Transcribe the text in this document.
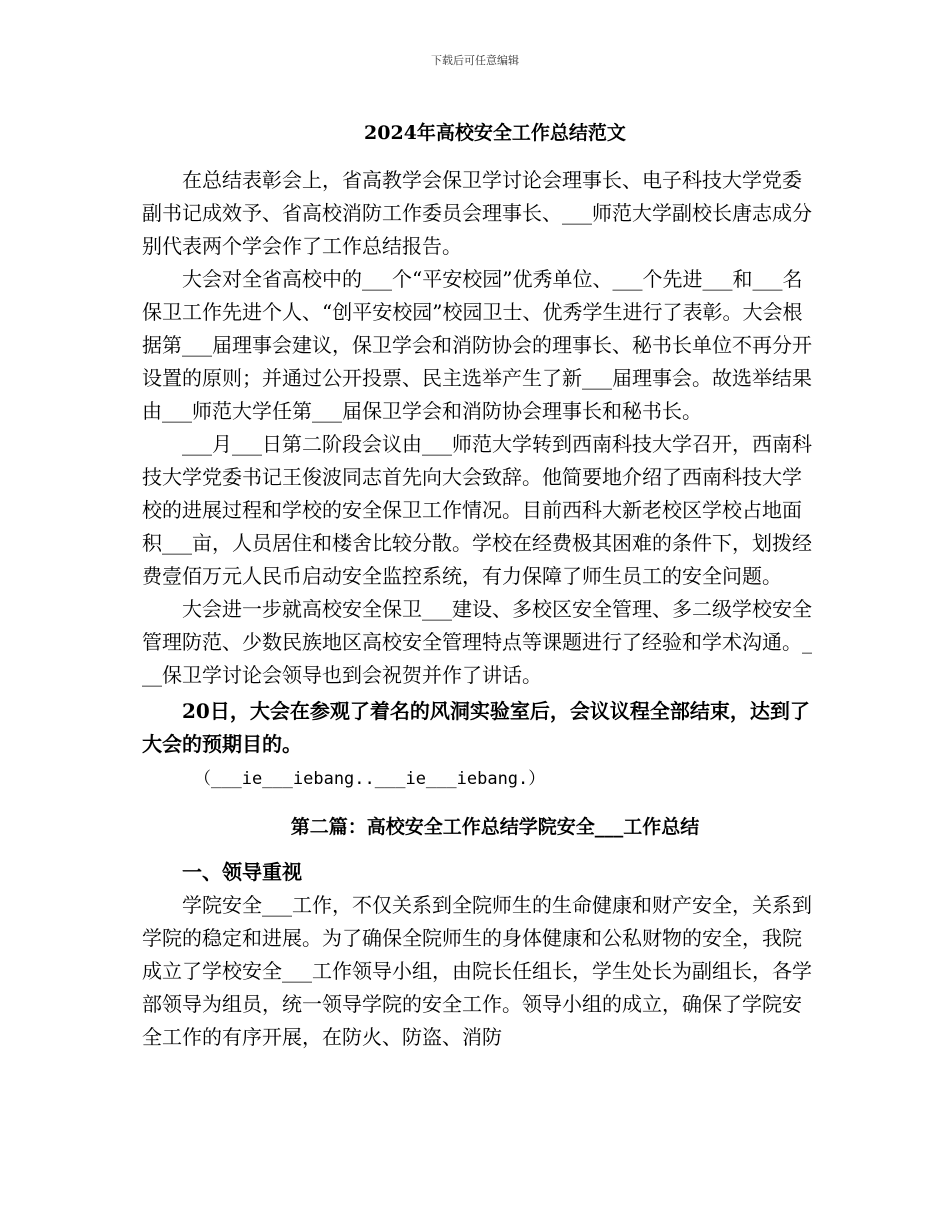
下载后可任意编辑
2024年高校安全工作总结范文

在总结表彰会上，省高教学会保卫学讨论会理事长、电子科技大学党委副书记成效予、省高校消防工作委员会理事长、___师范大学副校长唐志成分别代表两个学会作了工作总结报告。

大会对全省高校中的___个“平安校园”优秀单位、___个先进___和___名保卫工作先进个人、“创平安校园”校园卫士、优秀学生进行了表彰。大会根据第___届理事会建议，保卫学会和消防协会的理事长、秘书长单位不再分开设置的原则；并通过公开投票、民主选举产生了新___届理事会。故选举结果由___师范大学任第___届保卫学会和消防协会理事长和秘书长。

___月___日第二阶段会议由___师范大学转到西南科技大学召开，西南科技大学党委书记王俊波同志首先向大会致辞。他简要地介绍了西南科技大学校的进展过程和学校的安全保卫工作情况。目前西科大新老校区学校占地面积___亩，人员居住和楼舍比较分散。学校在经费极其困难的条件下，划拨经费壹佰万元人民币启动安全监控系统，有力保障了师生员工的安全问题。

大会进一步就高校安全保卫___建设、多校区安全管理、多二级学校安全管理防范、少数民族地区高校安全管理特点等课题进行了经验和学术沟通。___保卫学讨论会领导也到会祝贺并作了讲话。

20日，大会在参观了着名的风洞实验室后，会议议程全部结束，达到了大会的预期目的。

（___ie___iebang..___ie___iebang.）
第二篇：高校安全工作总结学院安全___工作总结
一、领导重视

学院安全___工作，不仅关系到全院师生的生命健康和财产安全，关系到学院的稳定和进展。为了确保全院师生的身体健康和公私财物的安全，我院成立了学校安全___工作领导小组，由院长任组长，学生处长为副组长，各学部领导为组员，统一领导学院的安全工作。领导小组的成立，确保了学院安全工作的有序开展，在防火、防盗、消防
